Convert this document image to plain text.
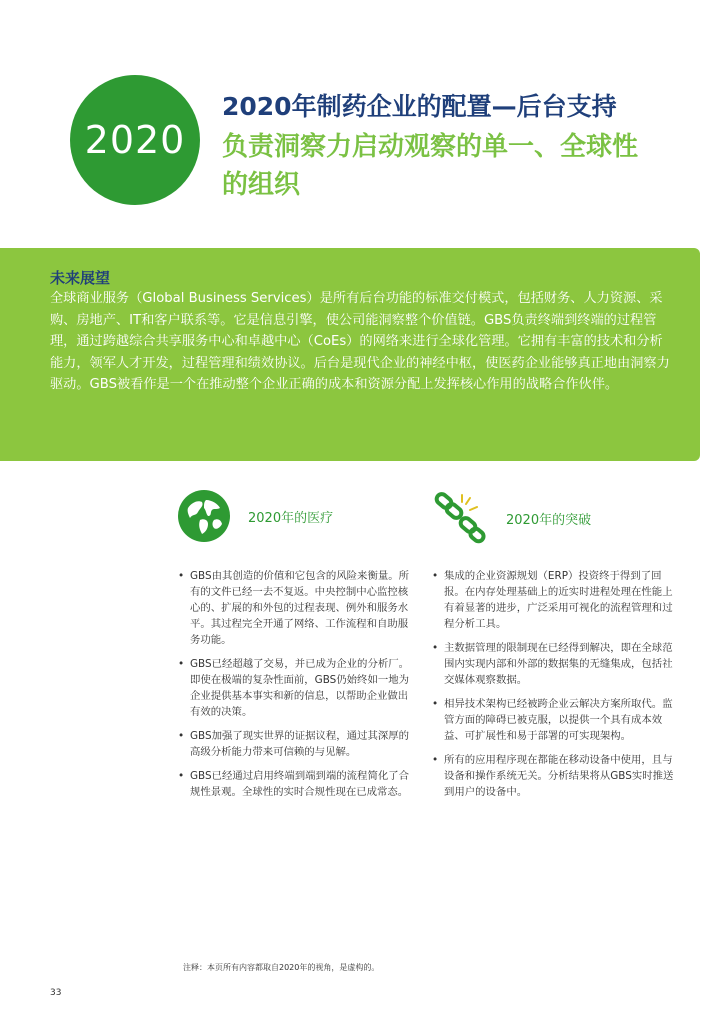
2020
2020年制药企业的配置—后台支持
负责洞察力启动观察的单一、全球性的组织
未来展望

全球商业服务（Global Business Services）是所有后台功能的标准交付模式，包括财务、人力资源、采购、房地产、IT和客户联系等。它是信息引擎，使公司能洞察整个价值链。GBS负责终端到终端的过程管理，通过跨越综合共享服务中心和卓越中心（CoEs）的网络来进行全球化管理。它拥有丰富的技术和分析能力，领军人才开发，过程管理和绩效协议。后台是现代企业的神经中枢，使医药企业能够真正地由洞察力驱动。GBS被看作是一个在推动整个企业正确的成本和资源分配上发挥核心作用的战略合作伙伴。

2020年的医疗	2020年的突破
• GBS由其创造的价值和它包含的风险来衡量。所有的文件已经一去不复返。中央控制中心监控核心的、扩展的和外包的过程表现、例外和服务水平。其过程完全开通了网络、工作流程和自助服务功能。
• GBS已经超越了交易，并已成为企业的分析厂。即使在极端的复杂性面前，GBS仍始终如一地为企业提供基本事实和新的信息，以帮助企业做出有效的决策。
• GBS加强了现实世界的证据议程，通过其深厚的高级分析能力带来可信赖的与见解。
• GBS已经通过启用终端到端到端的流程简化了合规性景观。全球性的实时合规性现在已成常态。
• 集成的企业资源规划（ERP）投资终于得到了回报。在内存处理基础上的近实时进程处理在性能上有着显著的进步，广泛采用可视化的流程管理和过程分析工具。
• 主数据管理的限制现在已经得到解决，即在全球范围内实现内部和外部的数据集的无缝集成，包括社交媒体观察数据。
• 相异技术架构已经被跨企业云解决方案所取代。监管方面的障碍已被克服，以提供一个具有成本效益、可扩展性和易于部署的可实现架构。
• 所有的应用程序现在都能在移动设备中使用，且与设备和操作系统无关。分析结果将从GBS实时推送到用户的设备中。

注释：本页所有内容都取自2020年的视角，是虚构的。

33
